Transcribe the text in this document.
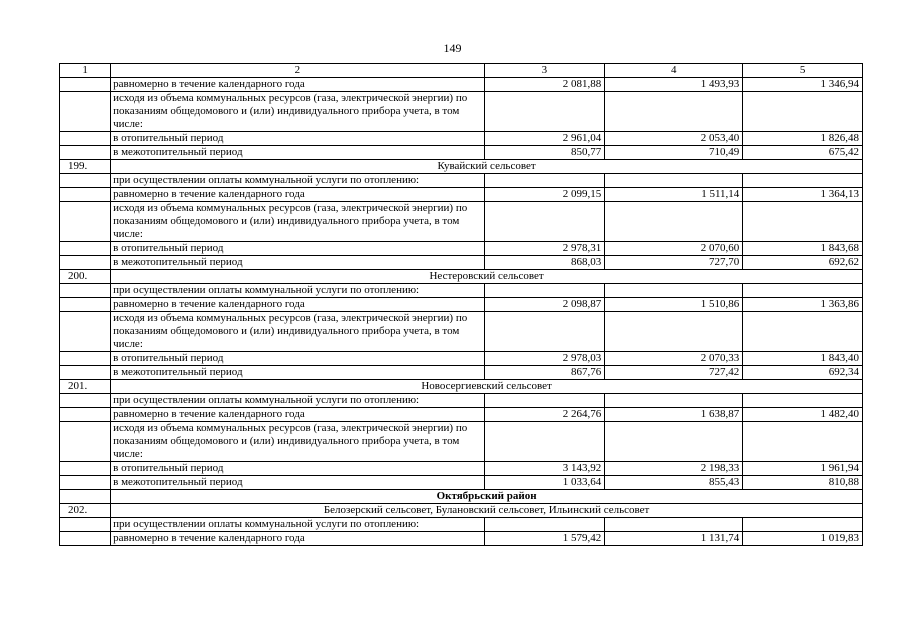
149
1	2	3	4	5
	равномерно в течение календарного года	2 081,88	1 493,93	1 346,94
	исходя из объема коммунальных ресурсов (газа, электрической энергии) по показаниям общедомового и (или) индивидуального прибора учета, в том числе:			
	в отопительный период	2 961,04	2 053,40	1 826,48
	в межотопительный период	850,77	710,49	675,42
199.	Кувайский сельсовет			
	при осуществлении оплаты коммунальной услуги по отоплению:			
	равномерно в течение календарного года	2 099,15	1 511,14	1 364,13
	исходя из объема коммунальных ресурсов (газа, электрической энергии) по показаниям общедомового и (или) индивидуального прибора учета, в том числе:			
	в отопительный период	2 978,31	2 070,60	1 843,68
	в межотопительный период	868,03	727,70	692,62
200.	Нестеровский сельсовет			
	при осуществлении оплаты коммунальной услуги по отоплению:			
	равномерно в течение календарного года	2 098,87	1 510,86	1 363,86
	исходя из объема коммунальных ресурсов (газа, электрической энергии) по показаниям общедомового и (или) индивидуального прибора учета, в том числе:			
	в отопительный период	2 978,03	2 070,33	1 843,40
	в межотопительный период	867,76	727,42	692,34
201.	Новосергиевский сельсовет			
	при осуществлении оплаты коммунальной услуги по отоплению:			
	равномерно в течение календарного года	2 264,76	1 638,87	1 482,40
	исходя из объема коммунальных ресурсов (газа, электрической энергии) по показаниям общедомового и (или) индивидуального прибора учета, в том числе:			
	в отопительный период	3 143,92	2 198,33	1 961,94
	в межотопительный период	1 033,64	855,43	810,88
	Октябрьский район			
202.	Белозерский сельсовет, Булановский сельсовет, Ильинский сельсовет			
	при осуществлении оплаты коммунальной услуги по отоплению:			
	равномерно в течение календарного года	1 579,42	1 131,74	1 019,83
